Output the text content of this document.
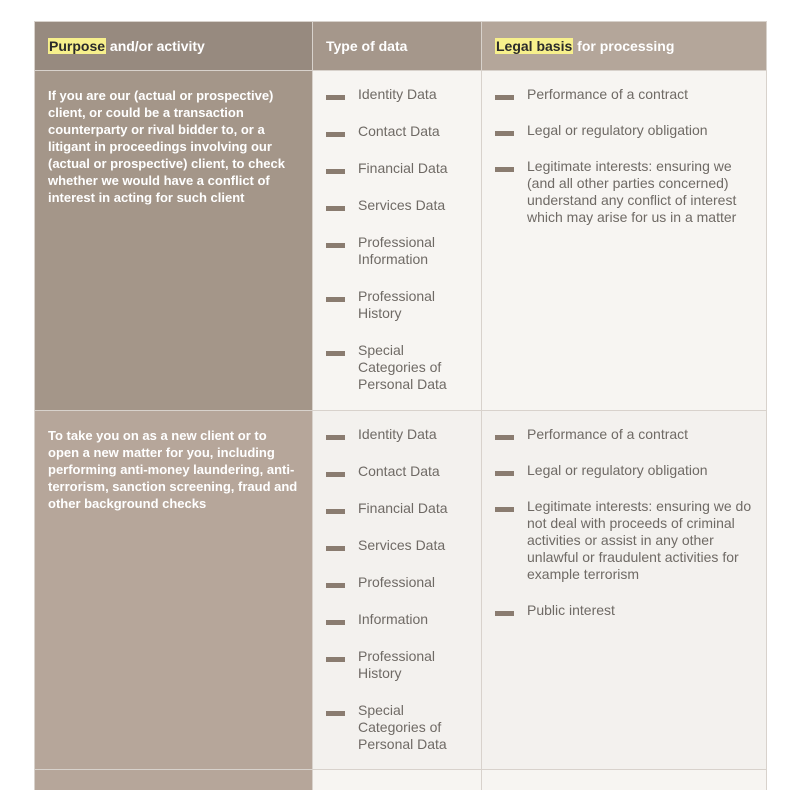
Purpose and/or activity	Type of data	Legal basis for processing
If you are our (actual or prospective) client, or could be a transaction counterparty or rival bidder to, or a litigant in proceedings involving our (actual or prospective) client, to check whether we would have a conflict of interest in acting for such client
Identity Data
Contact Data
Financial Data
Services Data
Professional Information
Professional History
Special Categories of Personal Data
Performance of a contract
Legal or regulatory obligation
Legitimate interests: ensuring we (and all other parties concerned) understand any conflict of interest which may arise for us in a matter
To take you on as a new client or to open a new matter for you, including performing anti-money laundering, anti-terrorism, sanction screening, fraud and other background checks
Identity Data
Contact Data
Financial Data
Services Data
Professional
Information
Professional History
Special Categories of Personal Data
Performance of a contract
Legal or regulatory obligation
Legitimate interests: ensuring we do not deal with proceeds of criminal activities or assist in any other unlawful or fraudulent activities for example terrorism
Public interest
